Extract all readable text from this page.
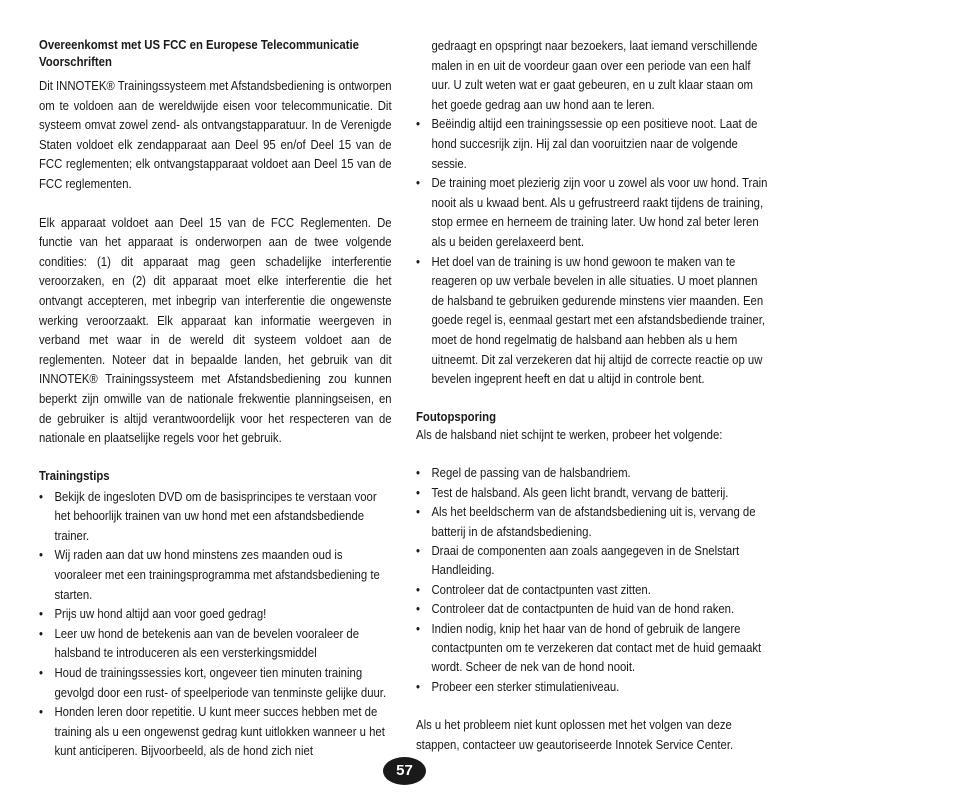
Overeenkomst met US FCC en Europese Telecommunicatie Voorschriften

Dit INNOTEK® Trainingssysteem met Afstandsbediening is ontworpen om te voldoen aan de wereldwijde eisen voor telecommunicatie. Dit systeem omvat zowel zend- als ontvangstapparatuur. In de Verenigde Staten voldoet elk zendapparaat aan Deel 95 en/of Deel 15 van de FCC reglementen; elk ontvangstapparaat voldoet aan Deel 15 van de FCC reglementen.

Elk apparaat voldoet aan Deel 15 van de FCC Reglementen. De functie van het apparaat is onderworpen aan de twee volgende condities: (1) dit apparaat mag geen schadelijke interferentie veroorzaken, en (2) dit apparaat moet elke interferentie die het ontvangt accepteren, met inbegrip van interferentie die ongewenste werking veroorzaakt. Elk apparaat kan informatie weergeven in verband met waar in de wereld dit systeem voldoet aan de reglementen. Noteer dat in bepaalde landen, het gebruik van dit INNOTEK® Trainingssysteem met Afstandsbediening zou kunnen beperkt zijn omwille van de nationale frekwentie planningseisen, en de gebruiker is altijd verantwoordelijk voor het respecteren van de nationale en plaatselijke regels voor het gebruik.

Trainingstips

• Bekijk de ingesloten DVD om de basisprincipes te verstaan voor het behoorlijk trainen van uw hond met een afstandsbediende trainer.
• Wij raden aan dat uw hond minstens zes maanden oud is vooraleer met een trainingsprogramma met afstandsbediening te starten.
• Prijs uw hond altijd aan voor goed gedrag!
• Leer uw hond de betekenis aan van de bevelen vooraleer de halsband te introduceren als een versterkingsmiddel
• Houd de trainingssessies kort, ongeveer tien minuten training gevolgd door een rust- of speelperiode van tenminste gelijke duur.
• Honden leren door repetitie. U kunt meer succes hebben met de training als u een ongewenst gedrag kunt uitlokken wanneer u het kunt anticiperen. Bijvoorbeeld, als de hond zich niet
gedraagt en opspringt naar bezoekers, laat iemand verschillende malen in en uit de voordeur gaan over een periode van een half uur. U zult weten wat er gaat gebeuren, en u zult klaar staan om het goede gedrag aan uw hond aan te leren.
• Beëindig altijd een trainingssessie op een positieve noot. Laat de hond succesrijk zijn. Hij zal dan vooruitzien naar de volgende sessie.
• De training moet plezierig zijn voor u zowel als voor uw hond. Train nooit als u kwaad bent. Als u gefrustreerd raakt tijdens de training, stop ermee en herneem de training later. Uw hond zal beter leren als u beiden gerelaxeerd bent.
• Het doel van de training is uw hond gewoon te maken van te reageren op uw verbale bevelen in alle situaties. U moet plannen de halsband te gebruiken gedurende minstens vier maanden. Een goede regel is, eenmaal gestart met een afstandsbediende trainer, moet de hond regelmatig de halsband aan hebben als u hem uitneemt. Dit zal verzekeren dat hij altijd de correcte reactie op uw bevelen ingeprent heeft en dat u altijd in controle bent.

Foutopsporing

Als de halsband niet schijnt te werken, probeer het volgende:

• Regel de passing van de halsbandriem.
• Test de halsband. Als geen licht brandt, vervang de batterij.
• Als het beeldscherm van de afstandsbediening uit is, vervang de batterij in de afstandsbediening.
• Draai de componenten aan zoals aangegeven in de Snelstart Handleiding.
• Controleer dat de contactpunten vast zitten.
• Controleer dat de contactpunten de huid van de hond raken.
• Indien nodig, knip het haar van de hond of gebruik de langere contactpunten om te verzekeren dat contact met de huid gemaakt wordt. Scheer de nek van de hond nooit.
• Probeer een sterker stimulatieniveau.

Als u het probleem niet kunt oplossen met het volgen van deze stappen, contacteer uw geautoriseerde Innotek Service Center.

57
